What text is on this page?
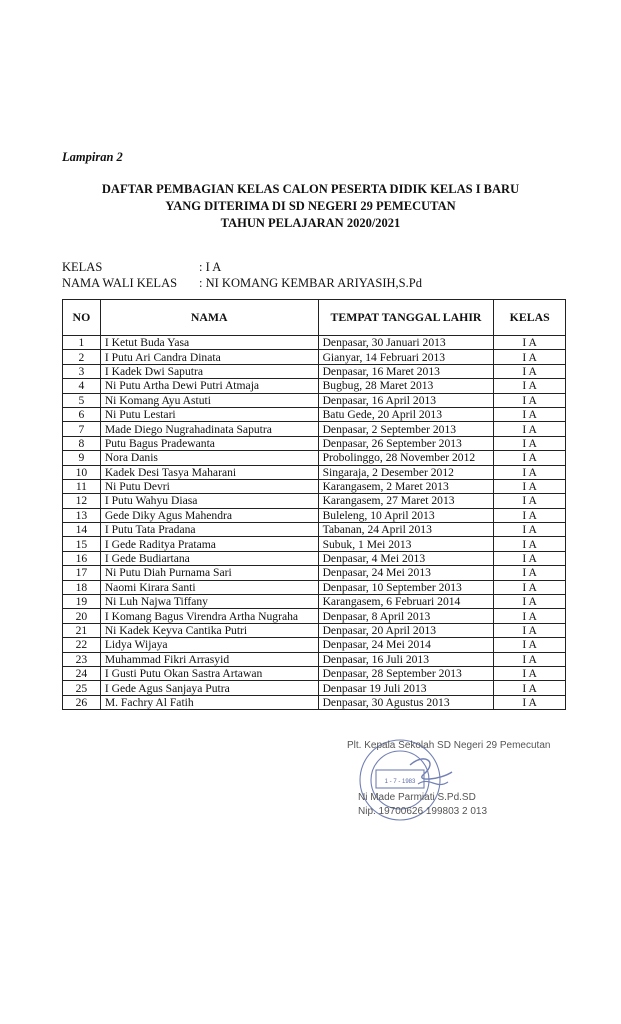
Lampiran 2
DAFTAR PEMBAGIAN KELAS CALON PESERTA DIDIK KELAS I BARU
YANG DITERIMA DI SD NEGERI 29 PEMECUTAN
TAHUN PELAJARAN 2020/2021
KELAS	: I A
NAMA WALI KELAS : NI KOMANG KEMBAR ARIYASIH,S.Pd
NO	NAMA	TEMPAT TANGGAL LAHIR	KELAS
1	I Ketut Buda Yasa	Denpasar, 30 Januari 2013	I A
2	I Putu Ari Candra Dinata	Gianyar, 14 Februari 2013	I A
3	I Kadek Dwi Saputra	Denpasar, 16 Maret 2013	I A
4	Ni Putu Artha Dewi Putri Atmaja	Bugbug, 28 Maret 2013	I A
5	Ni Komang Ayu Astuti	Denpasar, 16 April 2013	I A
6	Ni Putu Lestari	Batu Gede, 20 April 2013	I A
7	Made Diego Nugrahadinata Saputra	Denpasar, 2 September 2013	I A
8	Putu Bagus Pradewanta	Denpasar, 26 September 2013	I A
9	Nora Danis	Probolinggo, 28 November 2012	I A
10	Kadek Desi Tasya Maharani	Singaraja, 2 Desember 2012	I A
11	Ni Putu Devri	Karangasem, 2 Maret 2013	I A
12	I Putu Wahyu Diasa	Karangasem, 27 Maret 2013	I A
13	Gede Diky Agus Mahendra	Buleleng, 10 April 2013	I A
14	I Putu Tata Pradana	Tabanan, 24 April 2013	I A
15	I Gede Raditya Pratama	Subuk, 1 Mei 2013	I A
16	I Gede Budiartana	Denpasar, 4 Mei 2013	I A
17	Ni Putu Diah Purnama Sari	Denpasar, 24 Mei 2013	I A
18	Naomi Kirara Santi	Denpasar, 10 September 2013	I A
19	Ni Luh Najwa Tiffany	Karangasem, 6 Februari 2014	I A
20	I Komang Bagus Virendra Artha Nugraha	Denpasar, 8 April 2013	I A
21	Ni Kadek Keyva Cantika Putri	Denpasar, 20 April 2013	I A
22	Lidya Wijaya	Denpasar, 24 Mei 2014	I A
23	Muhammad Fikri Arrasyid	Denpasar, 16 Juli 2013	I A
24	I Gusti Putu Okan Sastra Artawan	Denpasar, 28 September 2013	I A
25	I Gede Agus Sanjaya Putra	Denpasar 19 Juli 2013	I A
26	M. Fachry Al Fatih	Denpasar, 30 Agustus 2013	I A
1 - 7 - 1983
Plt. Kepala Sekolah SD Negeri 29 Pemecutan
Ni Made Parmiati S.Pd.SD
Nip. 19700626 199803 2 013
